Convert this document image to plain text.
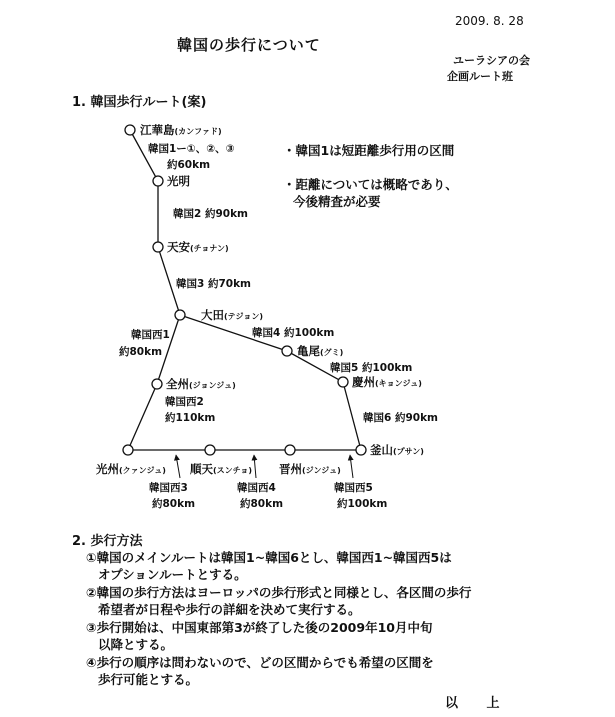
2009. 8. 28
韓国の歩行について
ユーラシアの会
企画ルート班
1. 韓国歩行ルート(案)
江華島(カンファド)
光明
天安(チョナン)
大田(テジョン)
亀尾(グミ)
慶州(キョンジュ)
全州(ジョンジュ)
釜山(プサン)
光州(クァンジュ) 順天(スンチョ) 晋州(ジンジュ)
韓国1ー①、②、③
約60km
韓国2 約90km
韓国3 約70km
韓国4 約100km
韓国5 約100km
韓国6 約90km
韓国西1
約80km
韓国西2
約110km
韓国西3
約80km
韓国西4
約80km
韓国西5
約100km
・韓国1は短距離歩行用の区間
・距離については概略であり、
今後精査が必要
2. 歩行方法
①韓国のメインルートは韓国1~韓国6とし、韓国西1~韓国西5は
オプションルートとする。
②韓国の歩行方法はヨーロッパの歩行形式と同様とし、各区間の歩行
希望者が日程や歩行の詳細を決めて実行する。
③歩行開始は、中国東部第3が終了した後の2009年10月中旬
以降とする。
④歩行の順序は問わないので、どの区間からでも希望の区間を
歩行可能とする。
以 上
